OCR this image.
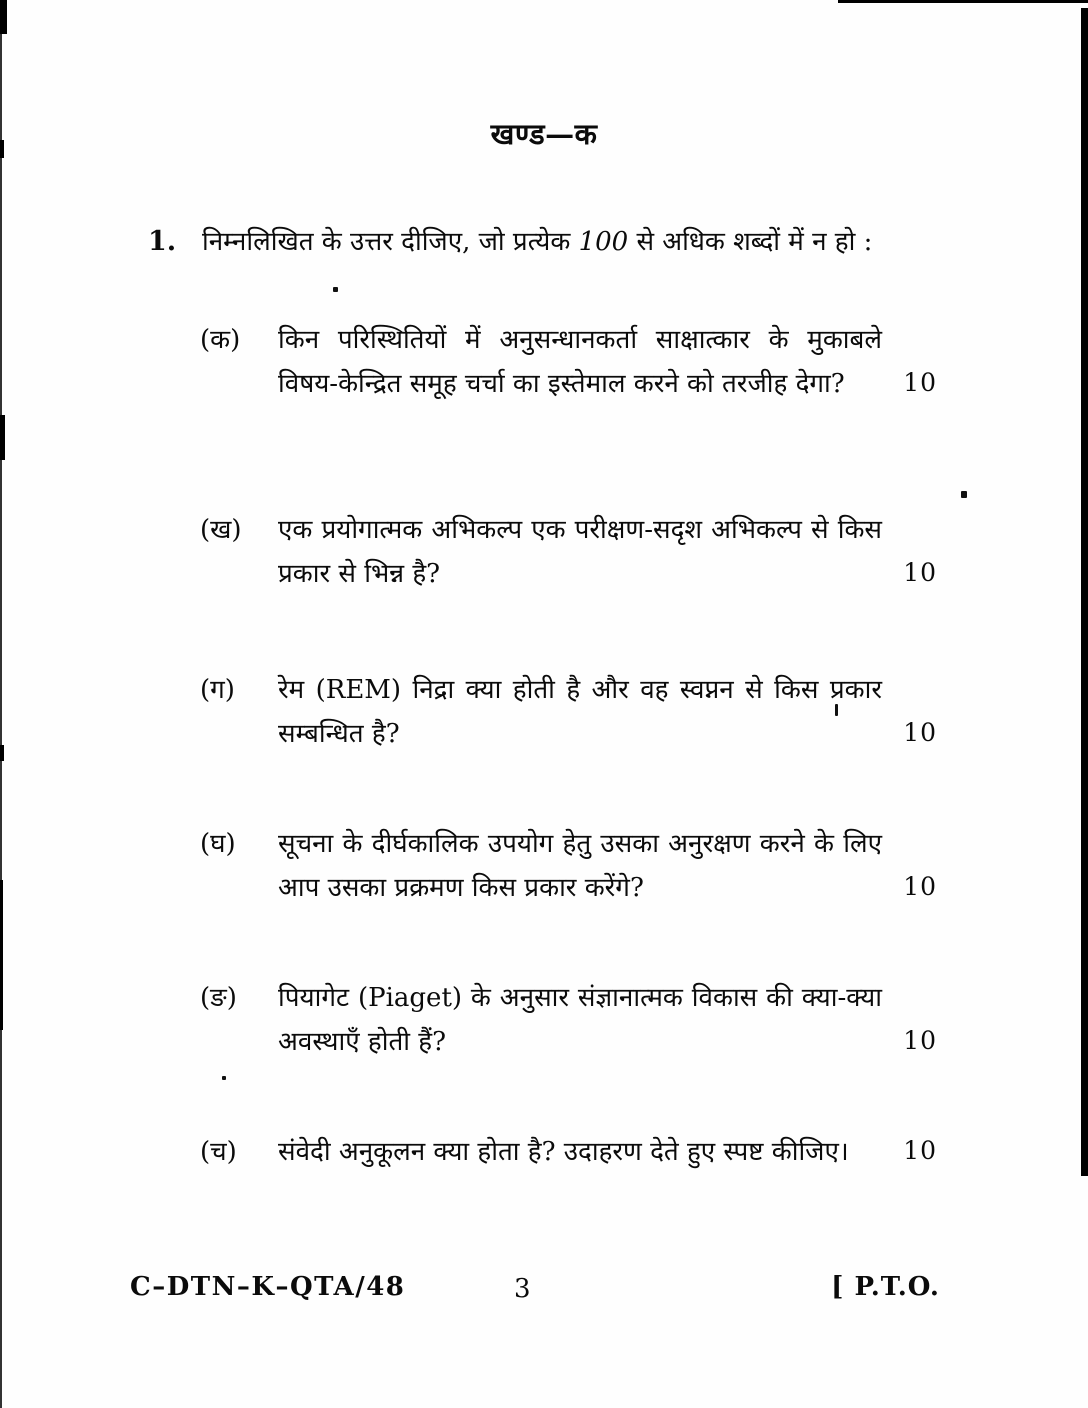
खण्ड—क
1. निम्नलिखित के उत्तर दीजिए, जो प्रत्येक 100 से अधिक शब्दों में न हो :

(क) किन परिस्थितियों में अनुसन्धानकर्ता साक्षात्कार के मुकाबले विषय-केन्द्रित समूह चर्चा का इस्तेमाल करने को तरजीह देगा?	10
(ख) एक प्रयोगात्मक अभिकल्प एक परीक्षण-सदृश अभिकल्प से किस प्रकार से भिन्न है?	10
(ग) रेम (REM) निद्रा क्या होती है और वह स्वप्नन से किस प्रकार सम्बन्धित है?	10
(घ) सूचना के दीर्घकालिक उपयोग हेतु उसका अनुरक्षण करने के लिए आप उसका प्रक्रमण किस प्रकार करेंगे?	10
(ङ) पियागेट (Piaget) के अनुसार संज्ञानात्मक विकास की क्या-क्या अवस्थाएँ होती हैं?	10
(च) संवेदी अनुकूलन क्या होता है? उदाहरण देते हुए स्पष्ट कीजिए।	10
C–DTN–K–QTA/48	3	[ P.T.O.
